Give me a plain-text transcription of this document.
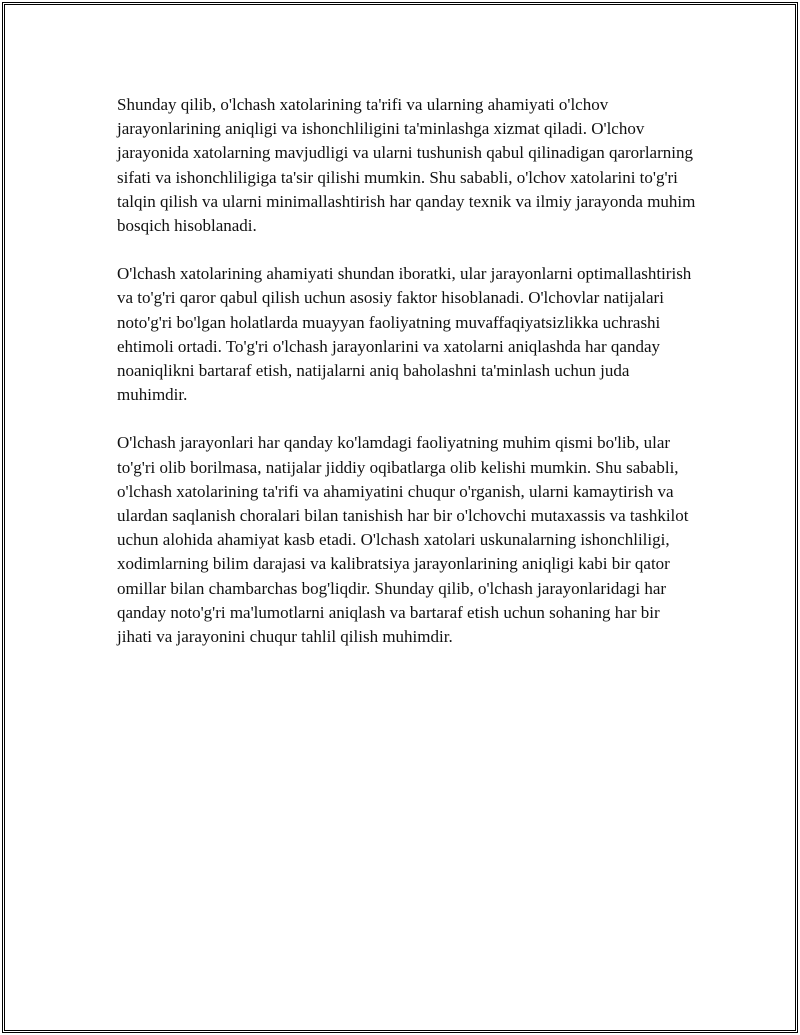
Shunday qilib, o'lchash xatolarining ta'rifi va ularning ahamiyati o'lchov jarayonlarining aniqligi va ishonchliligini ta'minlashga xizmat qiladi. O'lchov jarayonida xatolarning mavjudligi va ularni tushunish qabul qilinadigan qarorlarning sifati va ishonchliligiga ta'sir qilishi mumkin. Shu sababli, o'lchov xatolarini to'g'ri talqin qilish va ularni minimallashtirish har qanday texnik va ilmiy jarayonda muhim bosqich hisoblanadi.

O'lchash xatolarining ahamiyati shundan iboratki, ular jarayonlarni optimallashtirish va to'g'ri qaror qabul qilish uchun asosiy faktor hisoblanadi. O'lchovlar natijalari noto'g'ri bo'lgan holatlarda muayyan faoliyatning muvaffaqiyatsizlikka uchrashi ehtimoli ortadi. To'g'ri o'lchash jarayonlarini va xatolarni aniqlashda har qanday noaniqlikni bartaraf etish, natijalarni aniq baholashni ta'minlash uchun juda muhimdir.

O'lchash jarayonlari har qanday ko'lamdagi faoliyatning muhim qismi bo'lib, ular to'g'ri olib borilmasa, natijalar jiddiy oqibatlarga olib kelishi mumkin. Shu sababli, o'lchash xatolarining ta'rifi va ahamiyatini chuqur o'rganish, ularni kamaytirish va ulardan saqlanish choralari bilan tanishish har bir o'lchovchi mutaxassis va tashkilot uchun alohida ahamiyat kasb etadi. O'lchash xatolari uskunalarning ishonchliligi, xodimlarning bilim darajasi va kalibratsiya jarayonlarining aniqligi kabi bir qator omillar bilan chambarchas bog'liqdir. Shunday qilib, o'lchash jarayonlaridagi har qanday noto'g'ri ma'lumotlarni aniqlash va bartaraf etish uchun sohaning har bir jihati va jarayonini chuqur tahlil qilish muhimdir.
